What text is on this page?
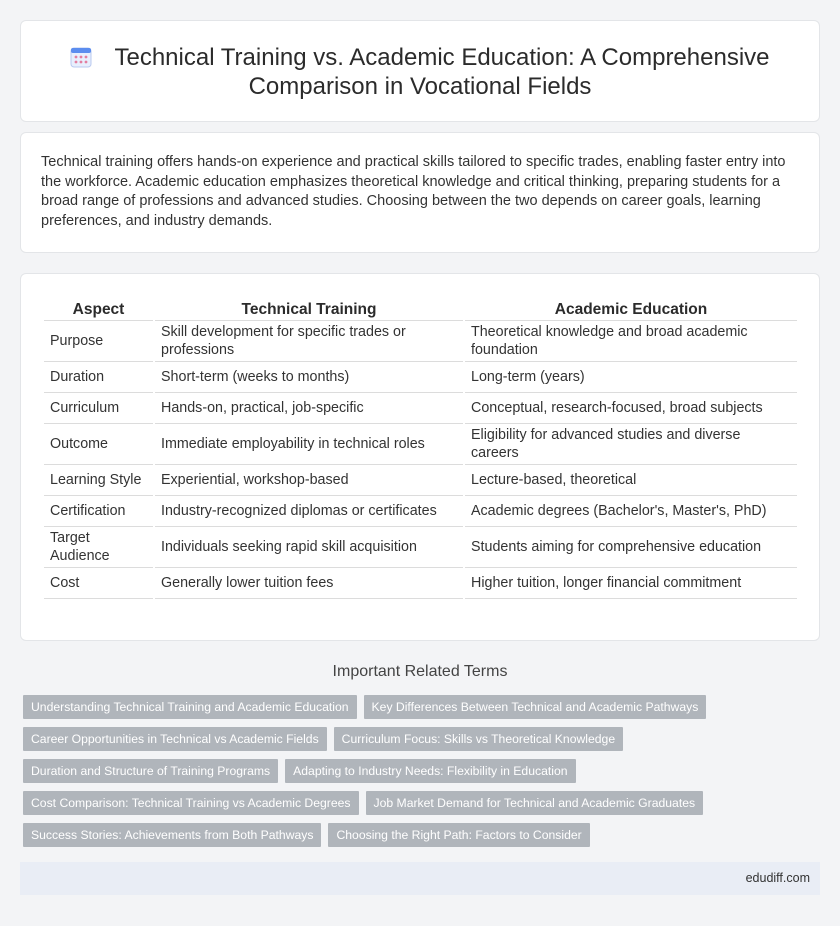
Technical Training vs. Academic Education: A Comprehensive Comparison in Vocational Fields

Technical training offers hands-on experience and practical skills tailored to specific trades, enabling faster entry into the workforce. Academic education emphasizes theoretical knowledge and critical thinking, preparing students for a broad range of professions and advanced studies. Choosing between the two depends on career goals, learning preferences, and industry demands.

Aspect	Technical Training	Academic Education
Purpose	Skill development for specific trades or professions	Theoretical knowledge and broad academic foundation
Duration	Short-term (weeks to months)	Long-term (years)
Curriculum	Hands-on, practical, job-specific	Conceptual, research-focused, broad subjects
Outcome	Immediate employability in technical roles	Eligibility for advanced studies and diverse careers
Learning Style	Experiential, workshop-based	Lecture-based, theoretical
Certification	Industry-recognized diplomas or certificates	Academic degrees (Bachelor's, Master's, PhD)
Target Audience	Individuals seeking rapid skill acquisition	Students aiming for comprehensive education
Cost	Generally lower tuition fees	Higher tuition, longer financial commitment
Important Related Terms
Understanding Technical Training and Academic Education	Key Differences Between Technical and Academic Pathways
Career Opportunities in Technical vs Academic Fields	Curriculum Focus: Skills vs Theoretical Knowledge
Duration and Structure of Training Programs	Adapting to Industry Needs: Flexibility in Education
Cost Comparison: Technical Training vs Academic Degrees	Job Market Demand for Technical and Academic Graduates
Success Stories: Achievements from Both Pathways	Choosing the Right Path: Factors to Consider
edudiff.com
